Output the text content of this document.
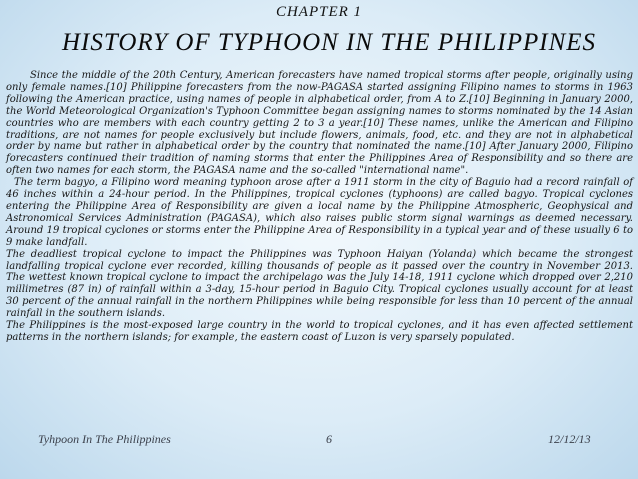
CHAPTER 1
HISTORY OF TYPHOON IN THE PHILIPPINES

Since the middle of the 20th Century, American forecasters have named tropical storms after people, originally using only female names.[10] Philippine forecasters from the now-PAGASA started assigning Filipino names to storms in 1963 following the American practice, using names of people in alphabetical order, from A to Z.[10] Beginning in January 2000, the World Meteorological Organization's Typhoon Committee began assigning names to storms nominated by the 14 Asian countries who are members with each country getting 2 to 3 a year.[10] These names, unlike the American and Filipino traditions, are not names for people exclusively but include flowers, animals, food, etc. and they are not in alphabetical order by name but rather in alphabetical order by the country that nominated the name.[10] After January 2000, Filipino forecasters continued their tradition of naming storms that enter the Philippines Area of Responsibility and so there are often two names for each storm, the PAGASA name and the so-called "international name".

The term bagyo, a Filipino word meaning typhoon arose after a 1911 storm in the city of Baguio had a record rainfall of 46 inches within a 24-hour period. In the Philippines, tropical cyclones (typhoons) are called bagyo. Tropical cyclones entering the Philippine Area of Responsibility are given a local name by the Philippine Atmospheric, Geophysical and Astronomical Services Administration (PAGASA), which also raises public storm signal warnings as deemed necessary. Around 19 tropical cyclones or storms enter the Philippine Area of Responsibility in a typical year and of these usually 6 to 9 make landfall.

The deadliest tropical cyclone to impact the Philippines was Typhoon Haiyan (Yolanda) which became the strongest landfalling tropical cyclone ever recorded, killing thousands of people as it passed over the country in November 2013. The wettest known tropical cyclone to impact the archipelago was the July 14-18, 1911 cyclone which dropped over 2,210 millimetres (87 in) of rainfall within a 3-day, 15-hour period in Baguio City. Tropical cyclones usually account for at least 30 percent of the annual rainfall in the northern Philippines while being responsible for less than 10 percent of the annual rainfall in the southern islands.

The Philippines is the most-exposed large country in the world to tropical cyclones, and it has even affected settlement patterns in the northern islands; for example, the eastern coast of Luzon is very sparsely populated.

Tyhpoon In The Philippines	6	12/12/13
